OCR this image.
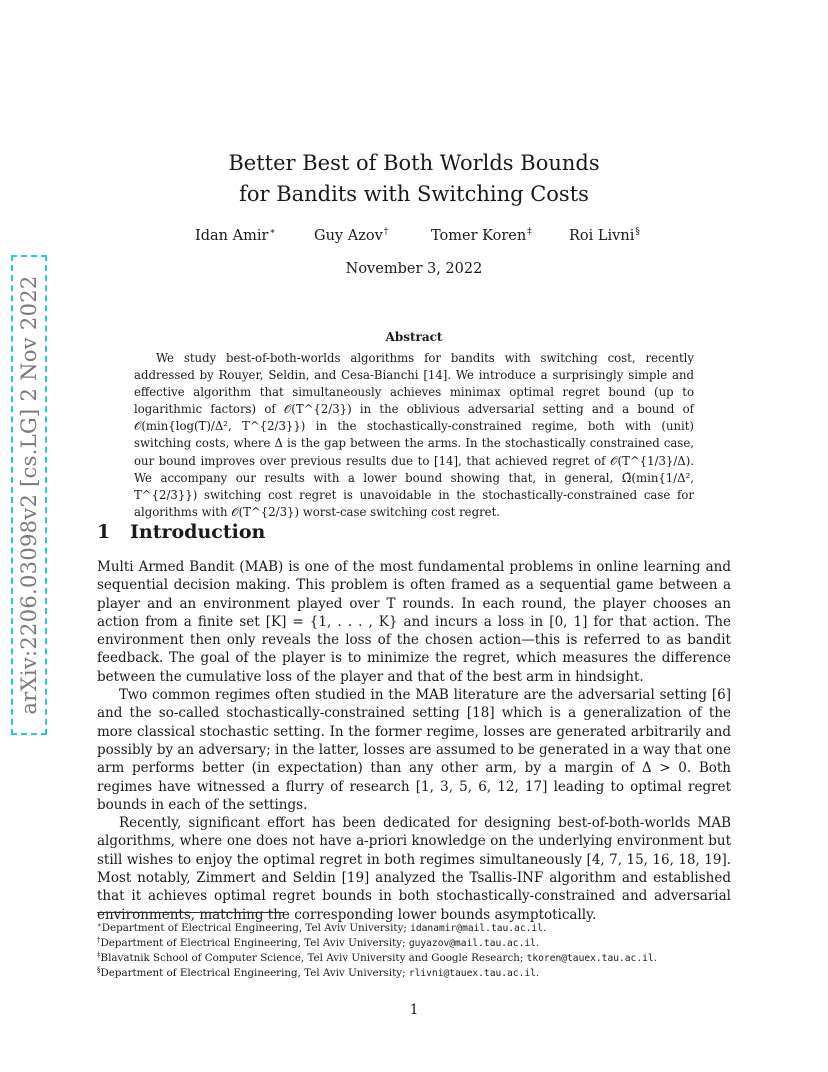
arXiv:2206.03098v2 [cs.LG] 2 Nov 2022
Better Best of Both Worlds Bounds
for Bandits with Switching Costs
Idan Amir∗	Guy Azov†	Tomer Koren‡	Roi Livni§
November 3, 2022
Abstract

We study best-of-both-worlds algorithms for bandits with switching cost, recently addressed by Rouyer, Seldin, and Cesa-Bianchi [14]. We introduce a surprisingly simple and effective algorithm that simultaneously achieves minimax optimal regret bound (up to logarithmic factors) of 𝒪(T^{2/3}) in the oblivious adversarial setting and a bound of 𝒪(min{log(T)/Δ², T^{2/3}}) in the stochastically-constrained regime, both with (unit) switching costs, where Δ is the gap between the arms. In the stochastically constrained case, our bound improves over previous results due to [14], that achieved regret of 𝒪(T^{1/3}/Δ). We accompany our results with a lower bound showing that, in general, Ω̃(min{1/Δ², T^{2/3}}) switching cost regret is unavoidable in the stochastically-constrained case for algorithms with 𝒪(T^{2/3}) worst-case switching cost regret.

1 Introduction

Multi Armed Bandit (MAB) is one of the most fundamental problems in online learning and sequential decision making. This problem is often framed as a sequential game between a player and an environment played over T rounds. In each round, the player chooses an action from a finite set [K] = {1, . . . , K} and incurs a loss in [0, 1] for that action. The environment then only reveals the loss of the chosen action—this is referred to as bandit feedback. The goal of the player is to minimize the regret, which measures the difference between the cumulative loss of the player and that of the best arm in hindsight.

Two common regimes often studied in the MAB literature are the adversarial setting [6] and the so-called stochastically-constrained setting [18] which is a generalization of the more classical stochastic setting. In the former regime, losses are generated arbitrarily and possibly by an adversary; in the latter, losses are assumed to be generated in a way that one arm performs better (in expectation) than any other arm, by a margin of Δ > 0. Both regimes have witnessed a flurry of research [1, 3, 5, 6, 12, 17] leading to optimal regret bounds in each of the settings.

Recently, significant effort has been dedicated for designing best-of-both-worlds MAB algorithms, where one does not have a-priori knowledge on the underlying environment but still wishes to enjoy the optimal regret in both regimes simultaneously [4, 7, 15, 16, 18, 19]. Most notably, Zimmert and Seldin [19] analyzed the Tsallis-INF algorithm and established that it achieves optimal regret bounds in both stochastically-constrained and adversarial environments, matching the corresponding lower bounds asymptotically.

∗Department of Electrical Engineering, Tel Aviv University; idanamir@mail.tau.ac.il.
†Department of Electrical Engineering, Tel Aviv University; guyazov@mail.tau.ac.il.
‡Blavatnik School of Computer Science, Tel Aviv University and Google Research; tkoren@tauex.tau.ac.il.
§Department of Electrical Engineering, Tel Aviv University; rlivni@tauex.tau.ac.il.
1
